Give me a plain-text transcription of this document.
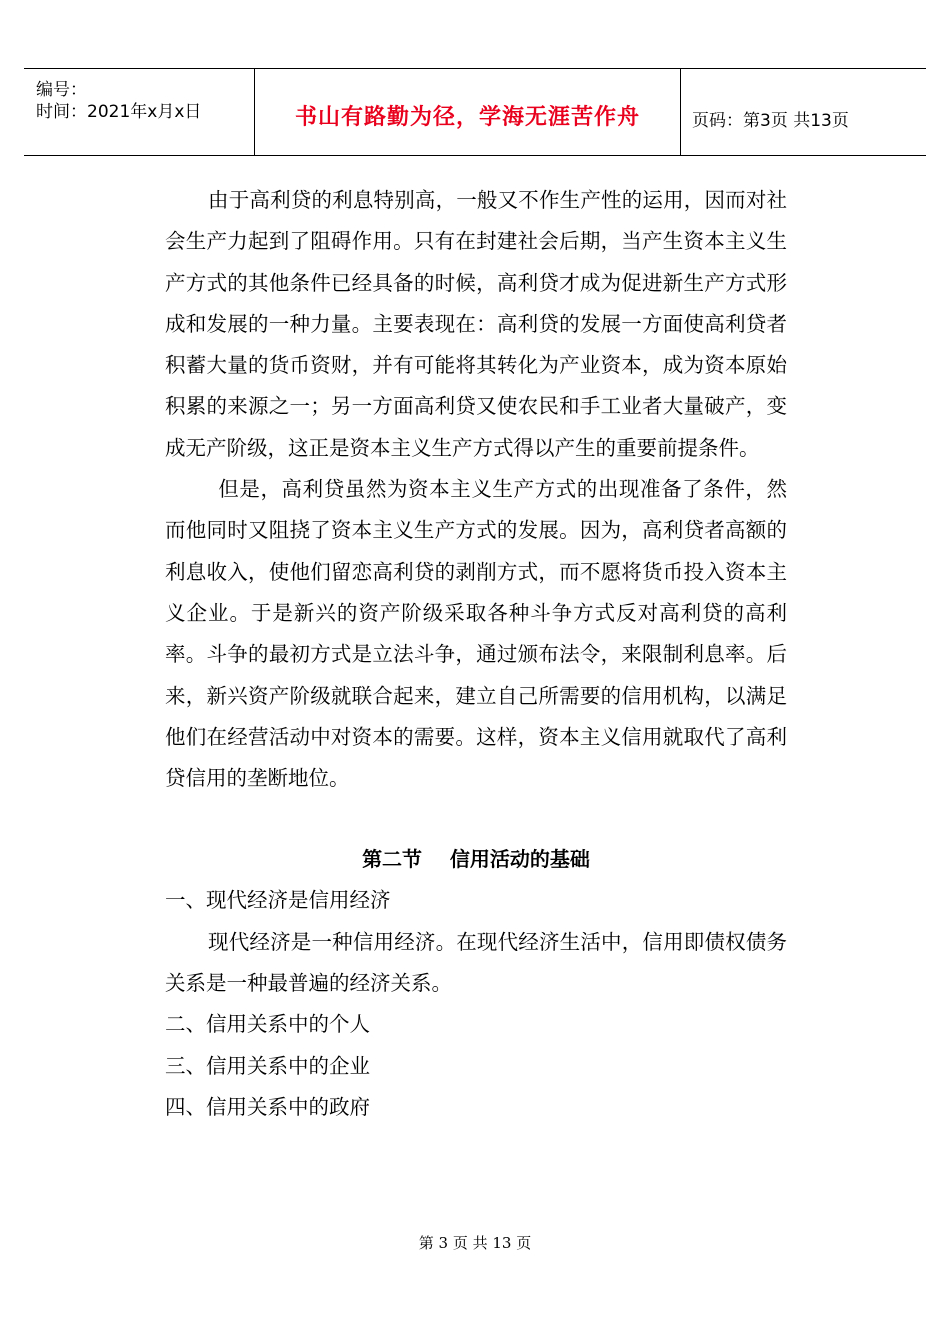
编号：
时间：2021年x月x日	书山有路勤为径，学海无涯苦作舟	页码：第3页 共13页

由于高利贷的利息特别高，一般又不作生产性的运用，因而对社会生产力起到了阻碍作用。只有在封建社会后期，当产生资本主义生产方式的其他条件已经具备的时候，高利贷才成为促进新生产方式形成和发展的一种力量。主要表现在：高利贷的发展一方面使高利贷者积蓄大量的货币资财，并有可能将其转化为产业资本，成为资本原始积累的来源之一；另一方面高利贷又使农民和手工业者大量破产，变成无产阶级，这正是资本主义生产方式得以产生的重要前提条件。

但是，高利贷虽然为资本主义生产方式的出现准备了条件，然而他同时又阻挠了资本主义生产方式的发展。因为，高利贷者高额的利息收入，使他们留恋高利贷的剥削方式，而不愿将货币投入资本主义企业。于是新兴的资产阶级采取各种斗争方式反对高利贷的高利率。斗争的最初方式是立法斗争，通过颁布法令，来限制利息率。后来，新兴资产阶级就联合起来，建立自己所需要的信用机构，以满足他们在经营活动中对资本的需要。这样，资本主义信用就取代了高利贷信用的垄断地位。

第二节    信用活动的基础

一、现代经济是信用经济

现代经济是一种信用经济。在现代经济生活中，信用即债权债务关系是一种最普遍的经济关系。

二、信用关系中的个人

三、信用关系中的企业

四、信用关系中的政府

第 3 页 共 13 页
